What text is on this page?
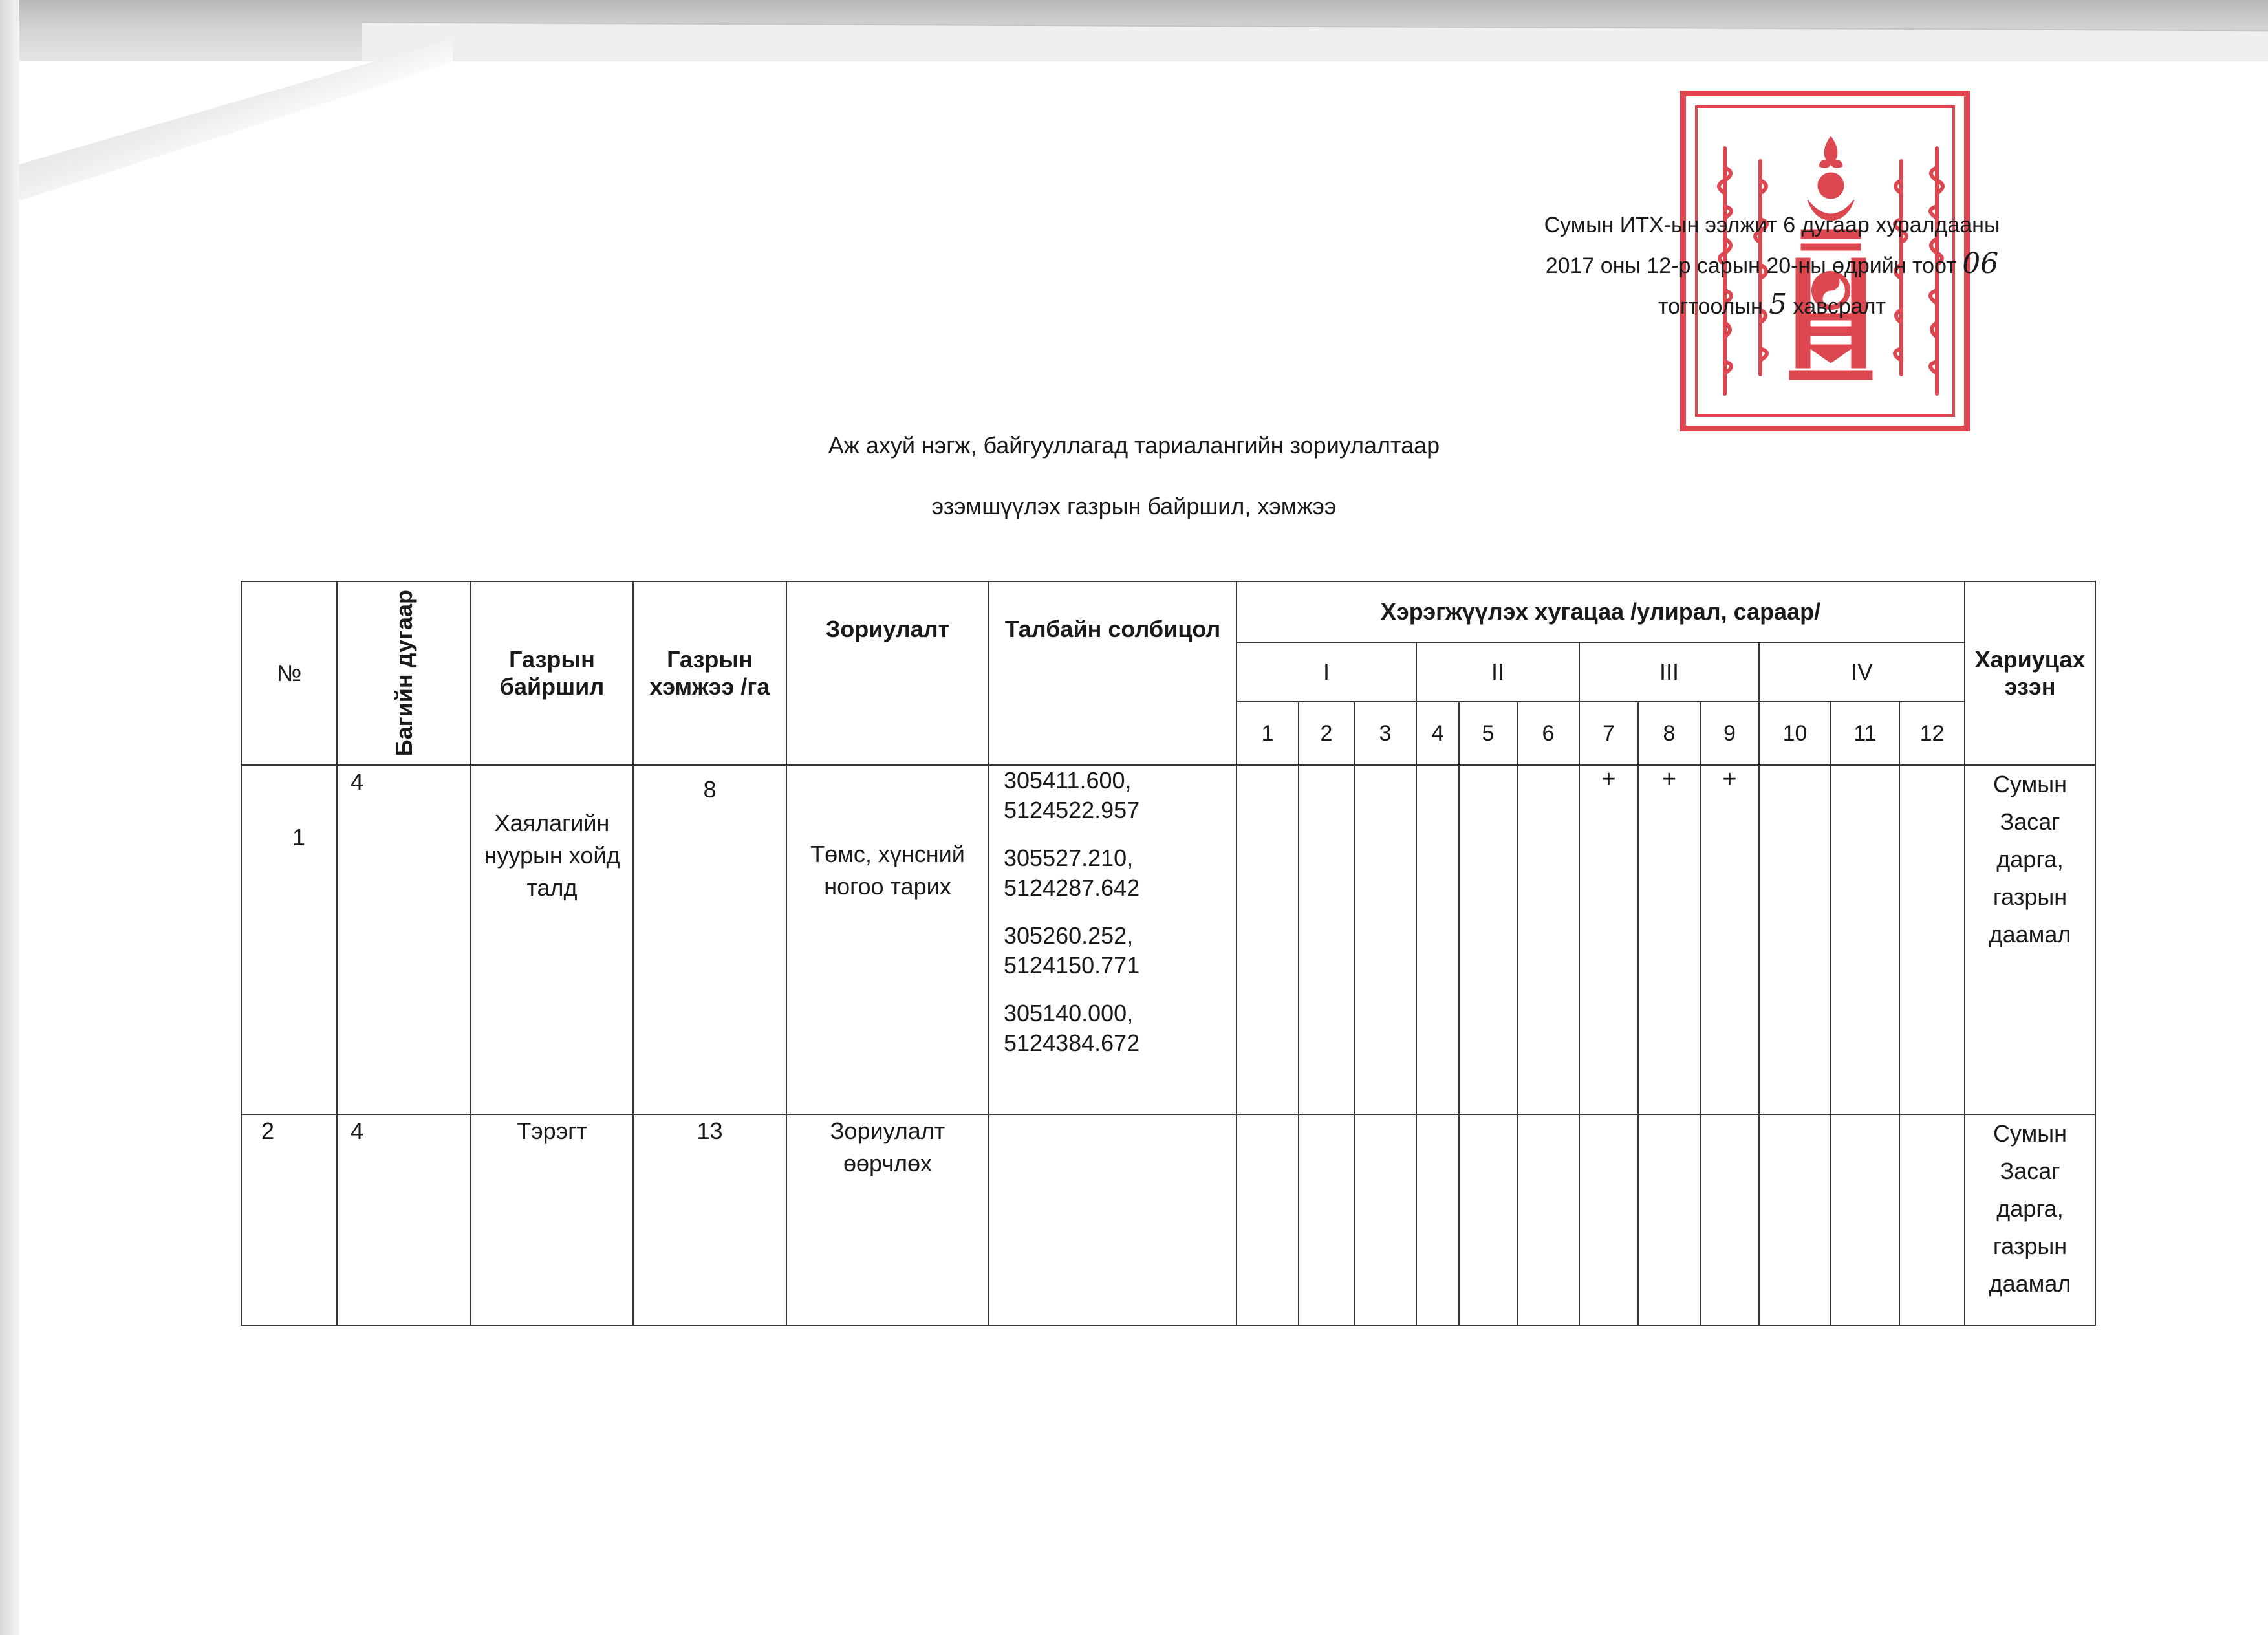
Сумын ИТХ-ын ээлжит 6 дугаар хуралдааны
2017 оны 12-р сарын 20-ны өдрийн тоот 06
тогтоолын 5 хавсралт
Аж ахуй нэгж, байгууллагад тариалангийн зориулалтаар
эзэмшүүлэх газрын байршил, хэмжээ
№	Багийн дугаар	Газрын байршил	Газрын хэмжээ /га	Зориулалт	Талбайн солбицол	Хэрэгжүүлэх хугацаа /улирал, сараар/												Хариуцах эзэн
						I			II			III			IV			
						1	2	3	4	5	6	7	8	9	10	11	12	
1	4	Хаялагийн нуурын хойд талд	8	Төмс, хүнсний ногоо тарих	305411.600, 5124522.957

305527.210, 5124287.642

305260.252, 5124150.771

305140.000, 5124384.672							+	+	+				Сумын Засаг дарга, газрын даамал
2	4	Тэрэгт	13	Зориулалт өөрчлөх														Сумын Засаг дарга, газрын даамал
